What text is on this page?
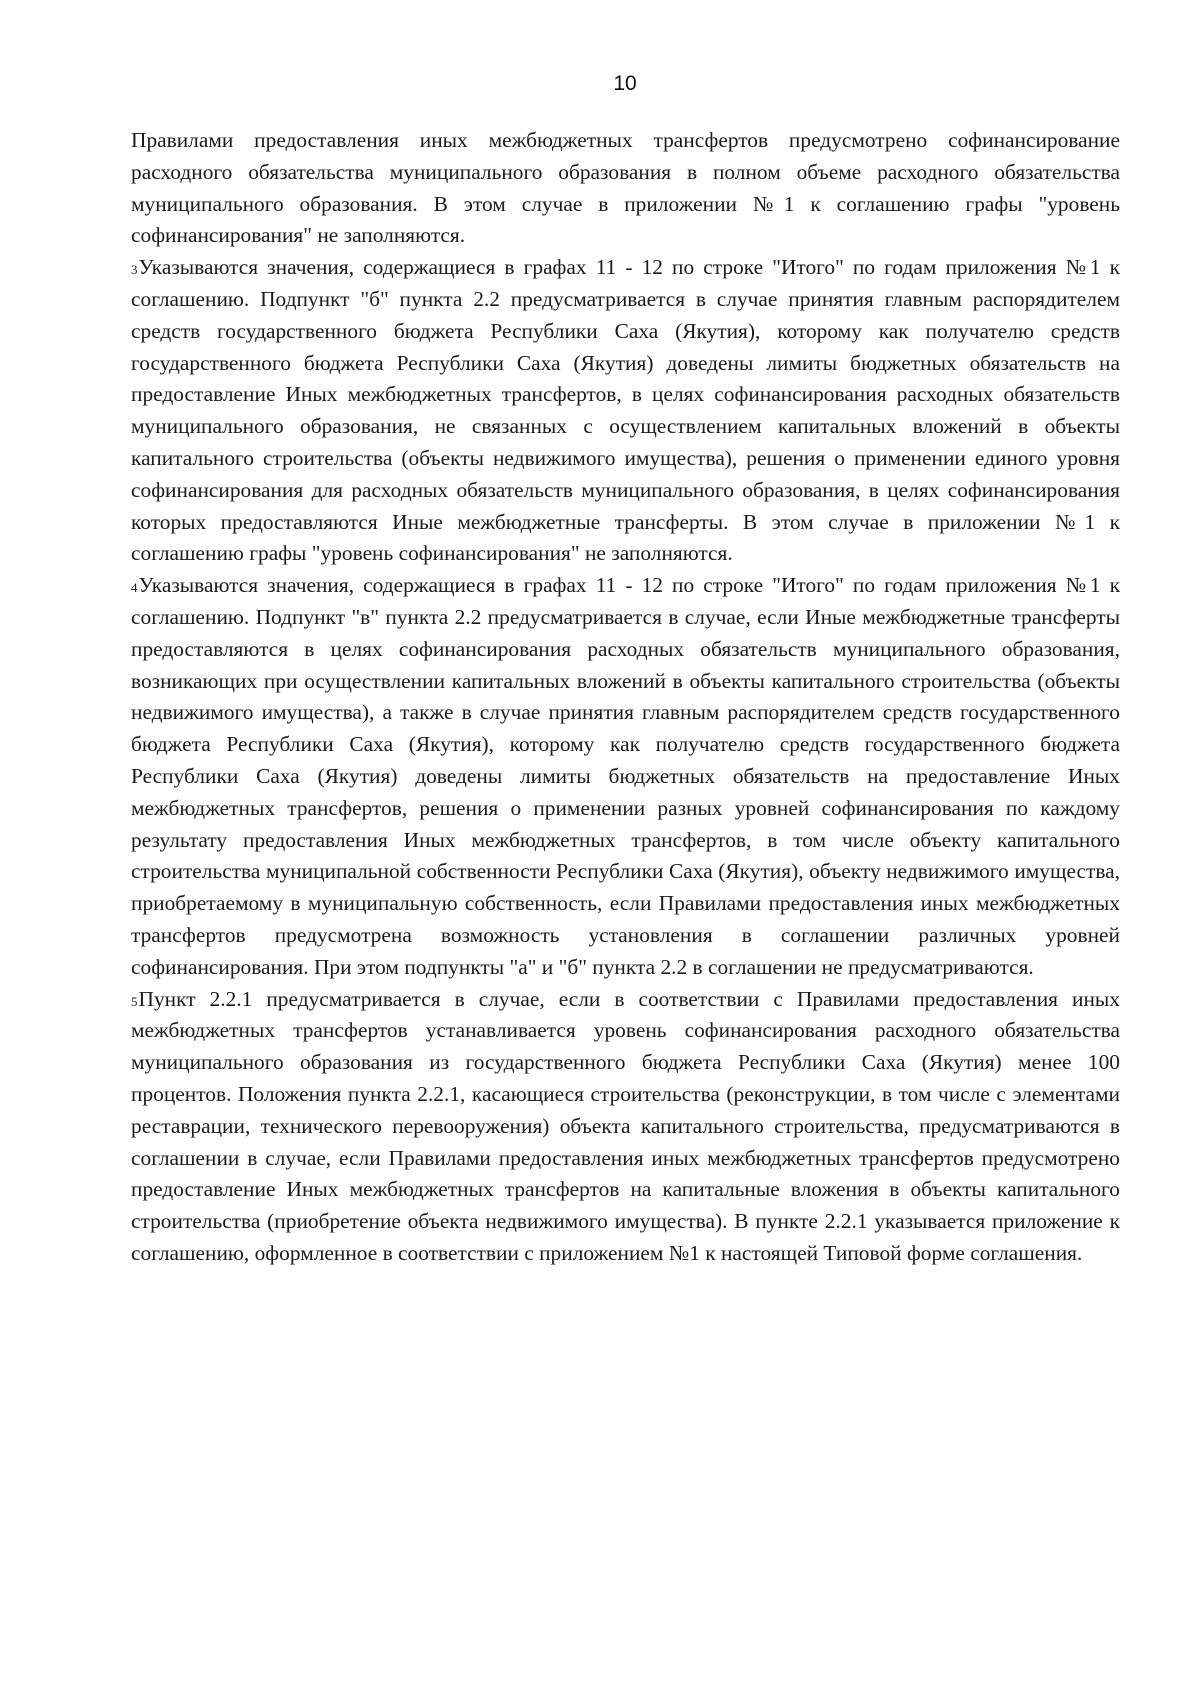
10

Правилами предоставления иных межбюджетных трансфертов предусмотрено софинансирование расходного обязательства муниципального образования в полном объеме расходного обязательства муниципального образования. В этом случае в приложении №1 к соглашению графы "уровень софинансирования" не заполняются.

$^3$Указываются значения, содержащиеся в графах 11 - 12 по строке "Итого" по годам приложения №1 к соглашению. Подпункт "б" пункта 2.2 предусматривается в случае принятия главным распорядителем средств государственного бюджета Республики Саха (Якутия), которому как получателю средств государственного бюджета Республики Саха (Якутия) доведены лимиты бюджетных обязательств на предоставление Иных межбюджетных трансфертов, в целях софинансирования расходных обязательств муниципального образования, не связанных с осуществлением капитальных вложений в объекты капитального строительства (объекты недвижимого имущества), решения о применении единого уровня софинансирования для расходных обязательств муниципального образования, в целях софинансирования которых предоставляются Иные межбюджетные трансферты. В этом случае в приложении №1 к соглашению графы "уровень софинансирования" не заполняются.

$^4$Указываются значения, содержащиеся в графах 11 - 12 по строке "Итого" по годам приложения №1 к соглашению. Подпункт "в" пункта 2.2 предусматривается в случае, если Иные межбюджетные трансферты предоставляются в целях софинансирования расходных обязательств муниципального образования, возникающих при осуществлении капитальных вложений в объекты капитального строительства (объекты недвижимого имущества), а также в случае принятия главным распорядителем средств государственного бюджета Республики Саха (Якутия), которому как получателю средств государственного бюджета Республики Саха (Якутия) доведены лимиты бюджетных обязательств на предоставление Иных межбюджетных трансфертов, решения о применении разных уровней софинансирования по каждому результату предоставления Иных межбюджетных трансфертов, в том числе объекту капитального строительства муниципальной собственности Республики Саха (Якутия), объекту недвижимого имущества, приобретаемому в муниципальную собственность, если Правилами предоставления иных межбюджетных трансфертов предусмотрена возможность установления в соглашении различных уровней софинансирования. При этом подпункты "а" и "б" пункта 2.2 в соглашении не предусматриваются.

$^5$Пункт 2.2.1 предусматривается в случае, если в соответствии с Правилами предоставления иных межбюджетных трансфертов устанавливается уровень софинансирования расходного обязательства муниципального образования из государственного бюджета Республики Саха (Якутия) менее 100 процентов. Положения пункта 2.2.1, касающиеся строительства (реконструкции, в том числе с элементами реставрации, технического перевооружения) объекта капитального строительства, предусматриваются в соглашении в случае, если Правилами предоставления иных межбюджетных трансфертов предусмотрено предоставление Иных межбюджетных трансфертов на капитальные вложения в объекты капитального строительства (приобретение объекта недвижимого имущества). В пункте 2.2.1 указывается приложение к соглашению, оформленное в соответствии с приложением №1 к настоящей Типовой форме соглашения.
